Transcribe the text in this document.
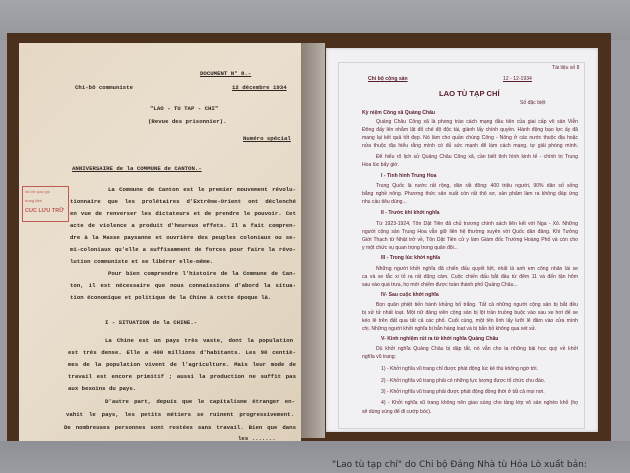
"Lao tù tạp chí" do Chi bộ Đảng Nhà tù Hỏa Lò xuất bản:
DOCUMENT N° 8.-
Chi-bô communiste	12 décembre 1934
"LAO - TU TAP - CHI"
(Revue des prisonnier).
Numéro spécial
ANNIVERSAIRE de la COMMUNE de CANTON.-
La Commune de Canton est le premier mouvement révolu-
tionnaire que les prolétaires d'Extrême-Orient ont déclenché
en vue de renverser les dictateurs et de prendre le pouvoir. Cet
acte de violence a produit d'heureux effets. Il a fait compren-
dre à la Masse paysanne et ouvrière des peuples coloniaux ou se-
mi-coloniaux qu'elle a suffisamment de forces pour faire la révo-
lution communiste et se libérer elle-même.
Pour bien comprendre l'histoire de la Commune de Can-
ton, il est nécessaire que nous connaissions d'abord la situa-
tion économique et politique de la Chine à cette époque là.
I - SITUATION de la CHINE.-
La Chine est un pays très vaste, dont la population
est très dense. Elle a 400 millions d'habitants. Les 90 centiè-
mes de la population vivent de l'agriculture. Mais leur mode de
travail est encore primitif ; aussi la production ne suffit pas
aux besoins du pays.
D'autre part, depuis que le capitalisme étranger en-
vahit le pays, les petits métiers se ruinent progressivement.
De nombreuses personnes sont restées sans travail. Bien que dans
les .......
Tài liệu số 8
Chi bộ cộng sản	12 - 12-1934
LAO TÙ TẠP CHÍ
Số đặc biệt
Kỷ niệm Công xã Quảng Châu
Quảng Châu Công xã là phong trào cách mạng đầu tiên của giai cấp vô sản Viễn
Đông đấy lên nhằm lật đổ chế độ độc tài, giành lấy chính quyền. Hành động bạo lực ấy đã
mang lại kết quả tốt đẹp. Nó làm cho quần chúng Công - Nông ở các nước thuộc địa hoặc
nửa thuộc địa hiểu rằng mình có đủ sức mạnh để làm cách mạng, tự giải phóng mình.
Để hiểu rõ lịch sử Quảng Châu Công xã, cần biết tình hình kinh tế - chính trị Trung
Hoa lúc bấy giờ.
I - Tình hình Trung Hoa
Trung Quốc là nước rất rộng, dân rất đông: 400 triệu người, 90% dân số sống
bằng nghề nông. Phương thức sản xuất còn rất thô sơ, sản phẩm làm ra không đáp ứng
nhu cầu tiêu dùng...
II - Trước khi khởi nghĩa
Từ 1923-1924, Tôn Dật Tiên đã chủ trương chính sách liên kết với Nga - Xô. Những
người cộng sản Trung Hoa vẫn giữ liên hệ thường xuyên với Quốc dân đảng. Khi Tưởng
Giới Thạch từ Nhật trở về, Tôn Dật Tiên cử y làm Giám đốc Trường Hoàng Phố và còn cho
y một chức vụ quan trọng trong quân đội...
III - Trong lúc khởi nghĩa
Những người khởi nghĩa đã chiến đấu quyết liệt, nhất là anh em công nhân lái xe
ca và xe tắc xi tỏ ra rất dũng cảm. Cuộc chiến đấu bắt đầu từ đêm 11 và đến tận hôm
sau vào quá trưa, họ mới chiếm được toàn thành phố Quảng Châu...
IV- Sau cuộc khởi nghĩa
Bọn quân phiệt tiến hành khủng bố trắng. Tất cả những người cộng sản bị bắt đều
bị xử tử nhất loạt. Một nữ đảng viên cộng sản bị lột trần truồng buộc vào sau xe hơi để xe
kéo lê trên đất qua tất cả các phố. Cuối cùng, một tên lính lấy lưỡi lê đâm vào cửa mình
chị. Những người khởi nghĩa bị bắn hàng loạt và bị bắn bỏ không qua xét xử.
V- Kinh nghiệm rút ra từ khởi nghĩa Quảng Châu
Dù khởi nghĩa Quảng Châu bị dập tắt, nó vẫn cho ta những bài học quý về khởi
nghĩa vũ trang:
1) - Khởi nghĩa vũ trang chỉ được phát động lúc kẻ thù không ngờ tới.
2) - Khởi nghĩa vũ trang phải có những lực lượng được tổ chức chu đáo.
3) - Khởi nghĩa vũ trang phải được phát động đồng thời ở tất cả mọi nơi.
4) - Khởi nghĩa vũ trang không nên giao súng cho tầng lớp vô sản nghèo khổ (họ
sẽ dùng súng để đi cướp bóc).
lưu trữ quốc gia
trung tâm
CUC LƯU TRỮ
